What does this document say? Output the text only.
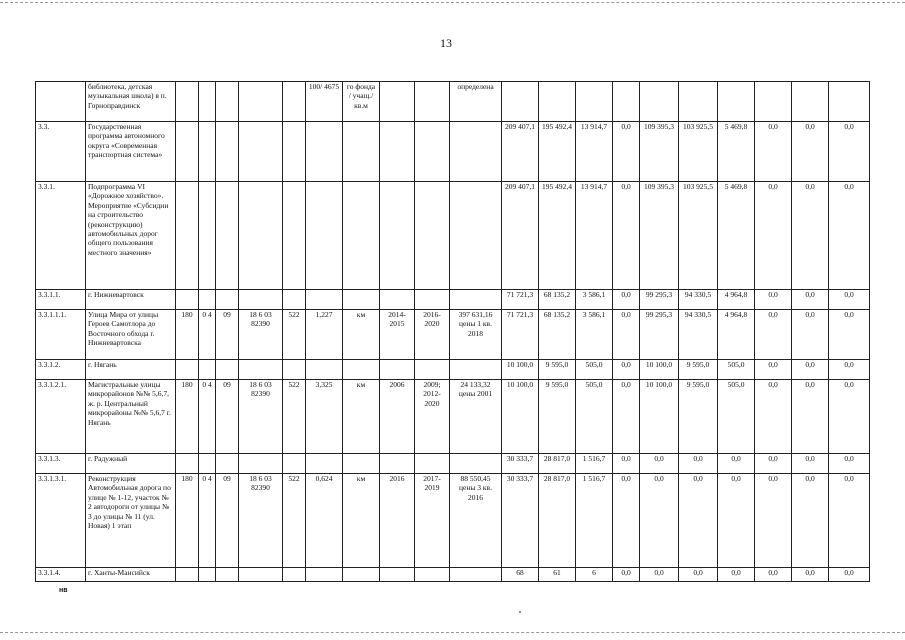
13
	библиотека, детская музыкальная школа) в п. Горноправдинск						100/ 4675	го фонда / учащ./ кв.м			определена											
3.3.	Государственная программа автономного округа «Современная транспортная система»											209 407,1	195 492,4	13 914,7	0,0	109 395,3	103 925,5	5 469,8	0,0	0,0	0,0	
3.3.1.	Подпрограмма VI «Дорожное хозяйство». Мероприятие «Субсидии на строительство (реконструкцию) автомобильных дорог общего пользования местного значения»											209 407,1	195 492,4	13 914,7	0,0	109 395,3	103 925,5	5 469,8	0,0	0,0	0,0	
3.3.1.1.	г. Нижневартовск											71 721,3	68 135,2	3 586,1	0,0	99 295,3	94 330,5	4 964,8	0,0	0,0	0,0	
3.3.1.1.1.	Улица Мира от улицы Героев Самотлора до Восточного обхода г. Нижневартовска	180	0 4	09	18 6 03 82390	522	1,227	км	2014-2015	2016-2020	397 631,16 цены 1 кв. 2018	71 721,3	68 135,2	3 586,1	0,0	99 295,3	94 330,5	4 964,8	0,0	0,0	0,0	
3.3.1.2.	г. Нягань											10 100,0	9 595,0	505,0	0,0	10 100,0	9 595,0	505,0	0,0	0,0	0,0	
3.3.1.2.1.	Магистральные улицы микрорайонов №№ 5,6,7, ж. р. Центральный микрорайоны №№ 5,6,7 г. Нягань	180	0 4	09	18 6 03 82390	522	3,325	км	2006	2009; 2012-2020	24 133,32 цены 2001	10 100,0	9 595,0	505,0	0,0	10 100,0	9 595,0	505,0	0,0	0,0	0,0	
3.3.1.3.	г. Радужный											30 333,7	28 817,0	1 516,7	0,0	0,0	0,0	0,0	0,0	0,0	0,0	
3.3.1.3.1.	Реконструкция Автомобильная дорога по улице № 1-12, участок № 2 автодороги от улицы № 3 до улицы № 11 (ул. Новая) 1 этап	180	0 4	09	18 6 03 82390	522	0,624	км	2016	2017-2019	88 550,45 цены 3 кв. 2016	30 333,7	28 817,0	1 516,7	0,0	0,0	0,0	0,0	0,0	0,0	0,0	
3.3.1.4.	г. Ханты-Мансийск											68	61	6	0,0	0,0	0,0	0,0	0,0	0,0	0,0	
нв
